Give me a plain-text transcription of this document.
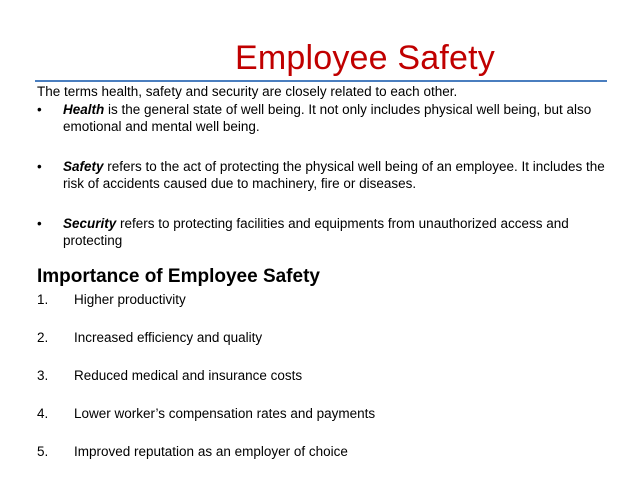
Employee Safety
The terms health, safety and security are closely related to each other.
•	Health is the general state of well being. It not only includes physical well being, but also emotional and mental well being.
•	Safety refers to the act of protecting the physical well being of an employee. It includes the risk of accidents caused due to machinery, fire or diseases.
•	Security refers to protecting facilities and equipments from unauthorized access and protecting
Importance of Employee Safety
1. Higher productivity
2. Increased efficiency and quality
3. Reduced medical and insurance costs
4. Lower worker’s compensation rates and payments
5. Improved reputation as an employer of choice
